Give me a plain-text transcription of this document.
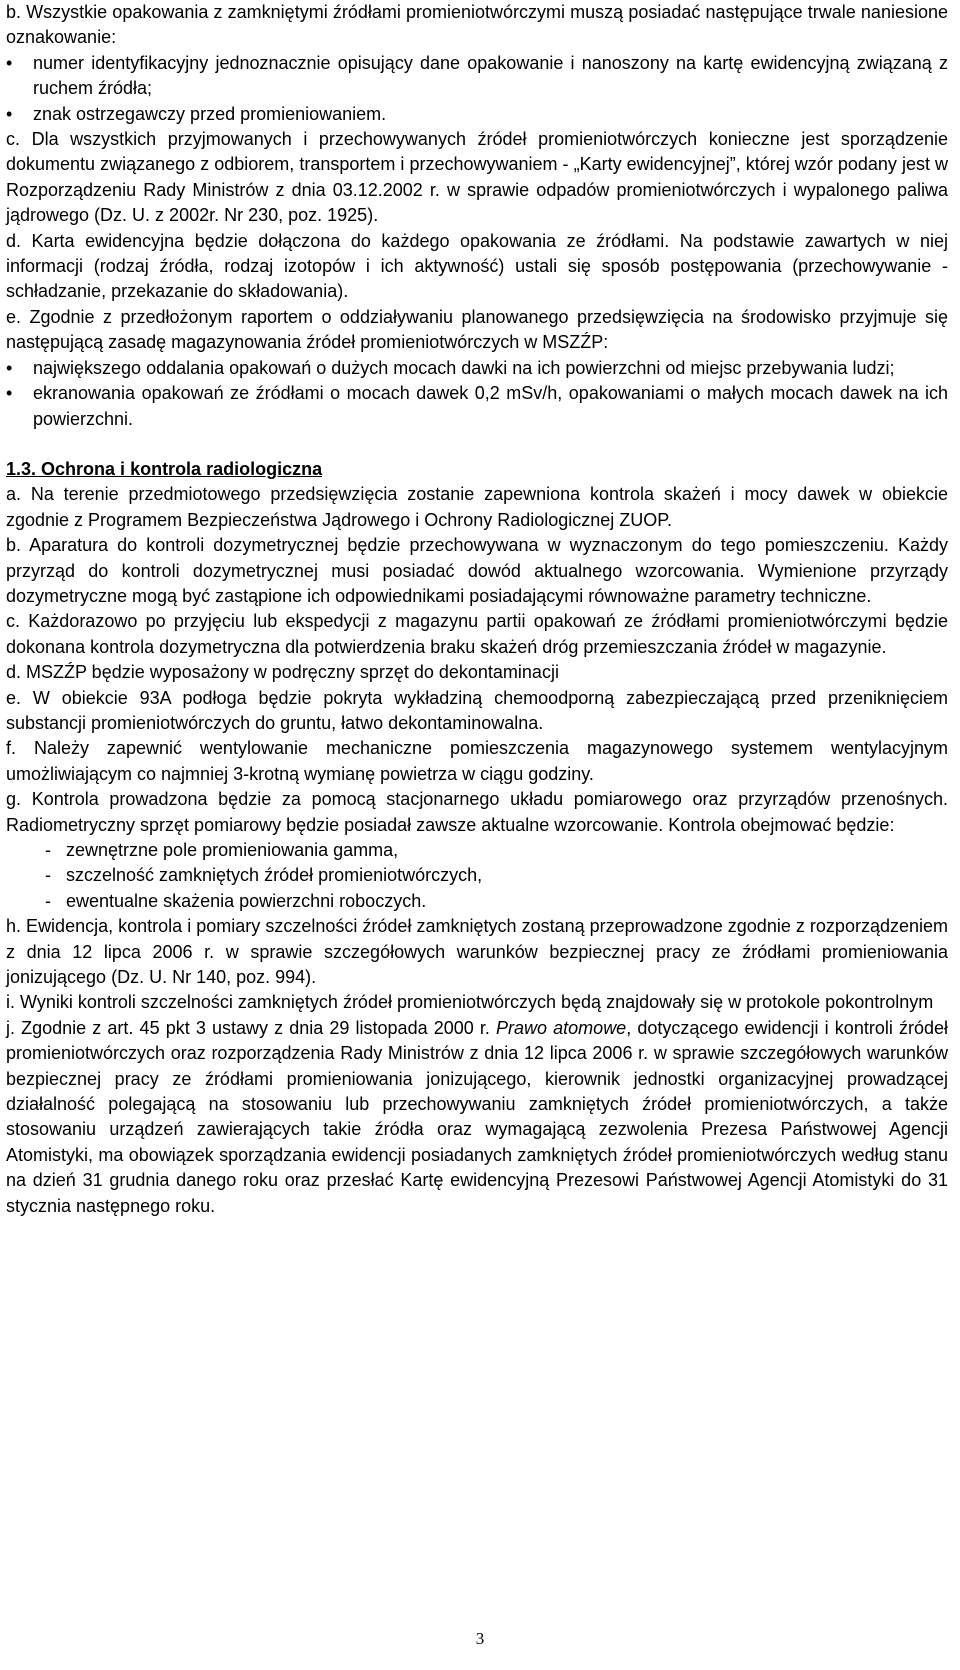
b. Wszystkie opakowania z zamkniętymi źródłami promieniotwórczymi muszą posiadać następujące trwale naniesione oznakowanie:

• numer identyfikacyjny jednoznacznie opisujący dane opakowanie i nanoszony na kartę ewidencyjną związaną z ruchem źródła;
• znak ostrzegawczy przed promieniowaniem.

c. Dla wszystkich przyjmowanych i przechowywanych źródeł promieniotwórczych konieczne jest sporządzenie dokumentu związanego z odbiorem, transportem i przechowywaniem - „Karty ewidencyjnej”, której wzór podany jest w Rozporządzeniu Rady Ministrów z dnia 03.12.2002 r. w sprawie odpadów promieniotwórczych i wypalonego paliwa jądrowego (Dz. U. z 2002r. Nr 230, poz. 1925).

d. Karta ewidencyjna będzie dołączona do każdego opakowania ze źródłami. Na podstawie zawartych w niej informacji (rodzaj źródła, rodzaj izotopów i ich aktywność) ustali się sposób postępowania (przechowywanie - schładzanie, przekazanie do składowania).

e. Zgodnie z przedłożonym raportem o oddziaływaniu planowanego przedsięwzięcia na środowisko przyjmuje się następującą zasadę magazynowania źródeł promieniotwórczych w MSZŹP:

• największego oddalania opakowań o dużych mocach dawki na ich powierzchni od miejsc przebywania ludzi;
• ekranowania opakowań ze źródłami o mocach dawek 0,2 mSv/h, opakowaniami o małych mocach dawek na ich powierzchni.

1.3. Ochrona i kontrola radiologiczna

a. Na terenie przedmiotowego przedsięwzięcia zostanie zapewniona kontrola skażeń i mocy dawek w obiekcie zgodnie z Programem Bezpieczeństwa Jądrowego i Ochrony Radiologicznej ZUOP.

b. Aparatura do kontroli dozymetrycznej będzie przechowywana w wyznaczonym do tego pomieszczeniu. Każdy przyrząd do kontroli dozymetrycznej musi posiadać dowód aktualnego wzorcowania. Wymienione przyrządy dozymetryczne mogą być zastąpione ich odpowiednikami posiadającymi równoważne parametry techniczne.

c. Każdorazowo po przyjęciu lub ekspedycji z magazynu partii opakowań ze źródłami promieniotwórczymi będzie dokonana kontrola dozymetryczna dla potwierdzenia braku skażeń dróg przemieszczania źródeł w magazynie.

d. MSZŹP będzie wyposażony w podręczny sprzęt do dekontaminacji

e. W obiekcie 93A podłoga będzie pokryta wykładziną chemoodporną zabezpieczającą przed przeniknięciem substancji promieniotwórczych do gruntu, łatwo dekontaminowalna.

f. Należy zapewnić wentylowanie mechaniczne pomieszczenia magazynowego systemem wentylacyjnym umożliwiającym co najmniej 3-krotną wymianę powietrza w ciągu godziny.

g. Kontrola prowadzona będzie za pomocą stacjonarnego układu pomiarowego oraz przyrządów przenośnych. Radiometryczny sprzęt pomiarowy będzie posiadał zawsze aktualne wzorcowanie. Kontrola obejmować będzie:

- zewnętrzne pole promieniowania gamma,
- szczelność zamkniętych źródeł promieniotwórczych,
- ewentualne skażenia powierzchni roboczych.

h. Ewidencja, kontrola i pomiary szczelności źródeł zamkniętych zostaną przeprowadzone zgodnie z rozporządzeniem z dnia 12 lipca 2006 r. w sprawie szczegółowych warunków bezpiecznej pracy ze źródłami promieniowania jonizującego (Dz. U. Nr 140, poz. 994).

i. Wyniki kontroli szczelności zamkniętych źródeł promieniotwórczych będą znajdowały się w protokole pokontrolnym

j. Zgodnie z art. 45 pkt 3 ustawy z dnia 29 listopada 2000 r. Prawo atomowe, dotyczącego ewidencji i kontroli źródeł promieniotwórczych oraz rozporządzenia Rady Ministrów z dnia 12 lipca 2006 r. w sprawie szczegółowych warunków bezpiecznej pracy ze źródłami promieniowania jonizującego, kierownik jednostki organizacyjnej prowadzącej działalność polegającą na stosowaniu lub przechowywaniu zamkniętych źródeł promieniotwórczych, a także stosowaniu urządzeń zawierających takie źródła oraz wymagającą zezwolenia Prezesa Państwowej Agencji Atomistyki, ma obowiązek sporządzania ewidencji posiadanych zamkniętych źródeł promieniotwórczych według stanu na dzień 31 grudnia danego roku oraz przesłać Kartę ewidencyjną Prezesowi Państwowej Agencji Atomistyki do 31 stycznia następnego roku.

3
